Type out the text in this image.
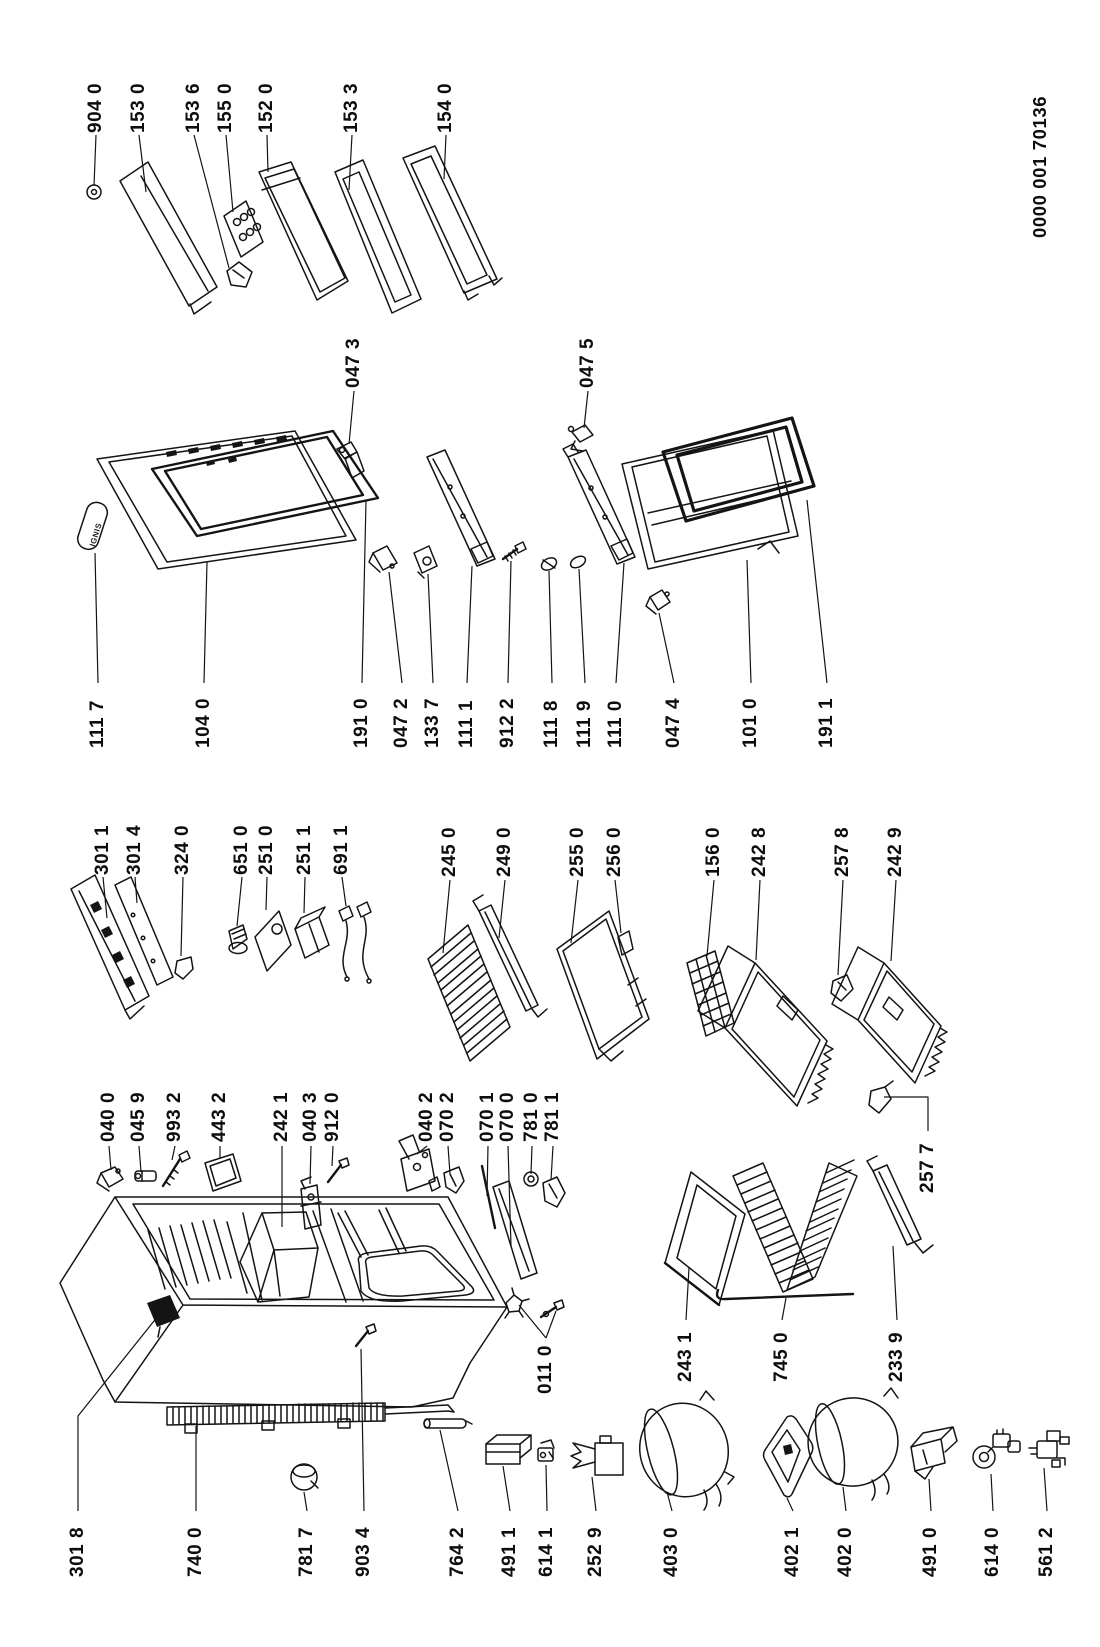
904 0 153 0 153 6 155 0 152 0	153 3	154 0
047 3	047 5
111 7	104 0	191 0 047 2 133 7 111 1 912 2 111 8 111 9 111 0 047 4	101 0	191 1
301 1 301 4 324 0 651 0 251 0 251 1 691 1	245 0 249 0	255 0 256 0	156 0 242 8	257 8 242 9
257 7
040 0 045 9 993 2 443 2 242 1 040 3 912 0	040 2 070 2 070 1 070 0 781 0 781 1
011 0	243 1	745 0	233 9
301 8	740 0	781 7 903 4	764 2 491 1 614 1 252 9	403 0	402 1 402 0	491 0 614 0 561 2
0000 001 70136
IGNIS
